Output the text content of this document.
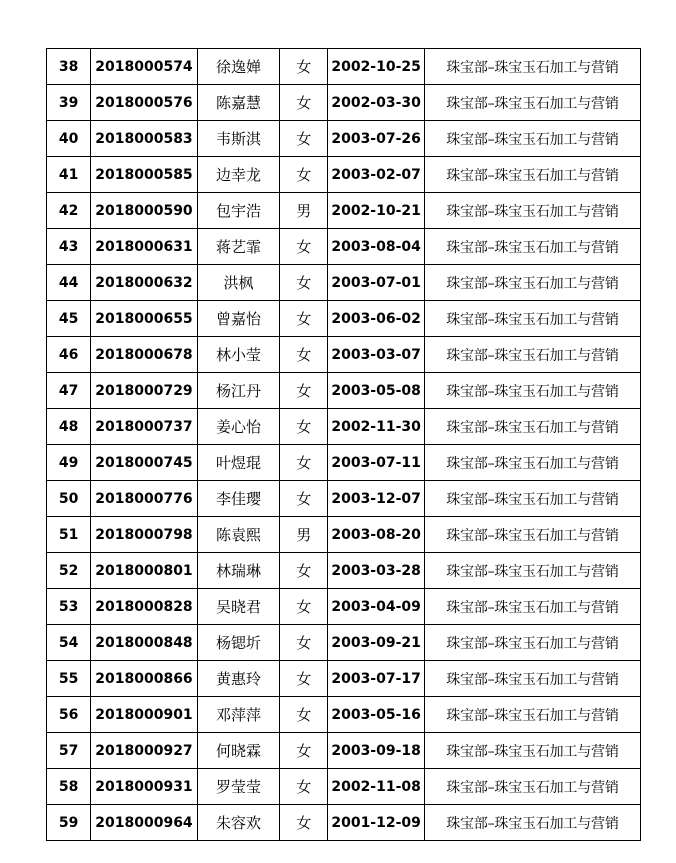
38	2018000574	徐逸婵	女	2002-10-25	珠宝部–珠宝玉石加工与营销
39	2018000576	陈嘉慧	女	2002-03-30	珠宝部–珠宝玉石加工与营销
40	2018000583	韦斯淇	女	2003-07-26	珠宝部–珠宝玉石加工与营销
41	2018000585	边幸龙	女	2003-02-07	珠宝部–珠宝玉石加工与营销
42	2018000590	包宇浩	男	2002-10-21	珠宝部–珠宝玉石加工与营销
43	2018000631	蒋艺霏	女	2003-08-04	珠宝部–珠宝玉石加工与营销
44	2018000632	洪枫	女	2003-07-01	珠宝部–珠宝玉石加工与营销
45	2018000655	曾嘉怡	女	2003-06-02	珠宝部–珠宝玉石加工与营销
46	2018000678	林小莹	女	2003-03-07	珠宝部–珠宝玉石加工与营销
47	2018000729	杨江丹	女	2003-05-08	珠宝部–珠宝玉石加工与营销
48	2018000737	姜心怡	女	2002-11-30	珠宝部–珠宝玉石加工与营销
49	2018000745	叶煜琨	女	2003-07-11	珠宝部–珠宝玉石加工与营销
50	2018000776	李佳璎	女	2003-12-07	珠宝部–珠宝玉石加工与营销
51	2018000798	陈袁熙	男	2003-08-20	珠宝部–珠宝玉石加工与营销
52	2018000801	林瑞琳	女	2003-03-28	珠宝部–珠宝玉石加工与营销
53	2018000828	吴晓君	女	2003-04-09	珠宝部–珠宝玉石加工与营销
54	2018000848	杨锶圻	女	2003-09-21	珠宝部–珠宝玉石加工与营销
55	2018000866	黄惠玲	女	2003-07-17	珠宝部–珠宝玉石加工与营销
56	2018000901	邓萍萍	女	2003-05-16	珠宝部–珠宝玉石加工与营销
57	2018000927	何晓霖	女	2003-09-18	珠宝部–珠宝玉石加工与营销
58	2018000931	罗莹莹	女	2002-11-08	珠宝部–珠宝玉石加工与营销
59	2018000964	朱容欢	女	2001-12-09	珠宝部–珠宝玉石加工与营销
